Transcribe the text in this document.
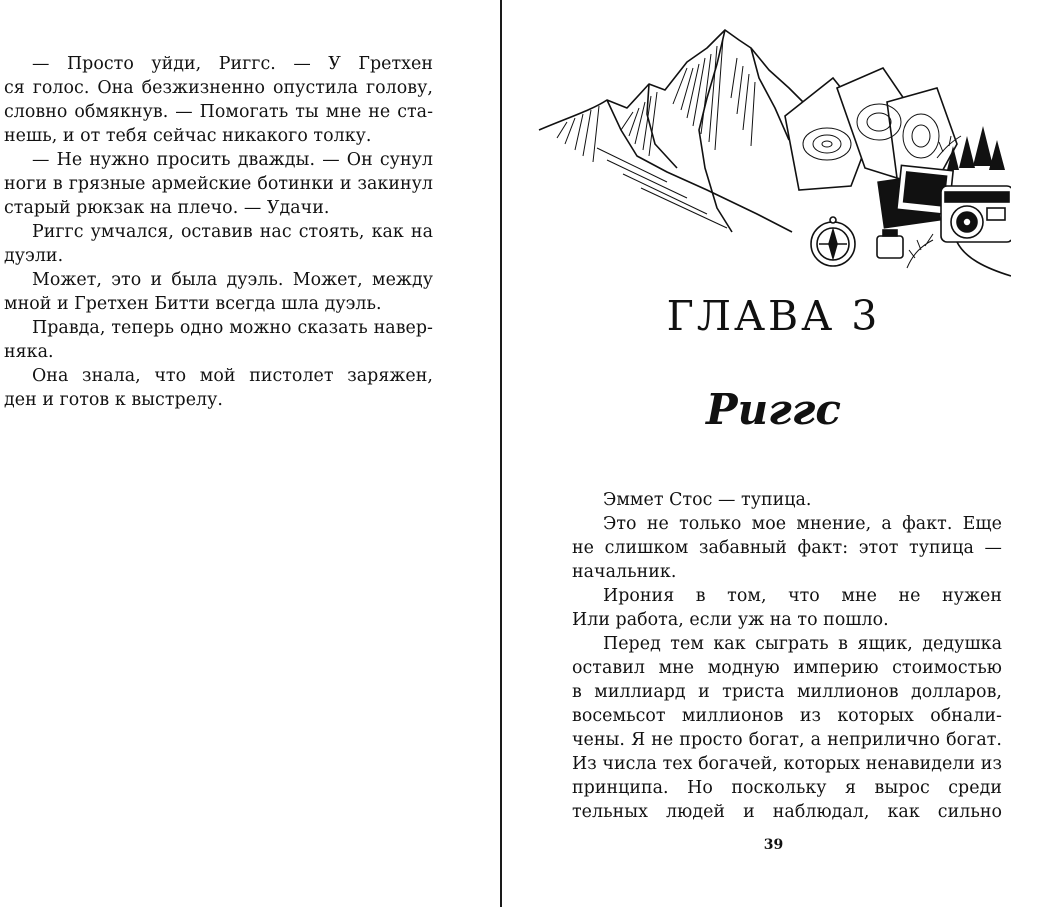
— Просто уйди, Риггс. — У Гретхен
ся голос. Она безжизненно опустила голову,
словно обмякнув. — Помогать ты мне не ста-
нешь, и от тебя сейчас никакого толку.
— Не нужно просить дважды. — Он сунул
ноги в грязные армейские ботинки и закинул
старый рюкзак на плечо. — Удачи.
Риггс умчался, оставив нас стоять, как на
дуэли.
Может, это и была дуэль. Может, между
мной и Гретхен Битти всегда шла дуэль.
Правда, теперь одно можно сказать навер-
няка.
Она знала, что мой пистолет заряжен,
ден и готов к выстрелу.
ГЛАВА 3
Риггс
Эммет Стос — тупица.
Это не только мое мнение, а факт. Еще
не слишком забавный факт: этот тупица —
начальник.
Ирония в том, что мне не нужен
Или работа, если уж на то пошло.
Перед тем как сыграть в ящик, дедушка
оставил мне модную империю стоимостью
в миллиард и триста миллионов долларов,
восемьсот миллионов из которых обнали-
чены. Я не просто богат, а неприлично богат.
Из числа тех богачей, которых ненавидели из
принципа. Но поскольку я вырос среди
тельных людей и наблюдал, как сильно
39
